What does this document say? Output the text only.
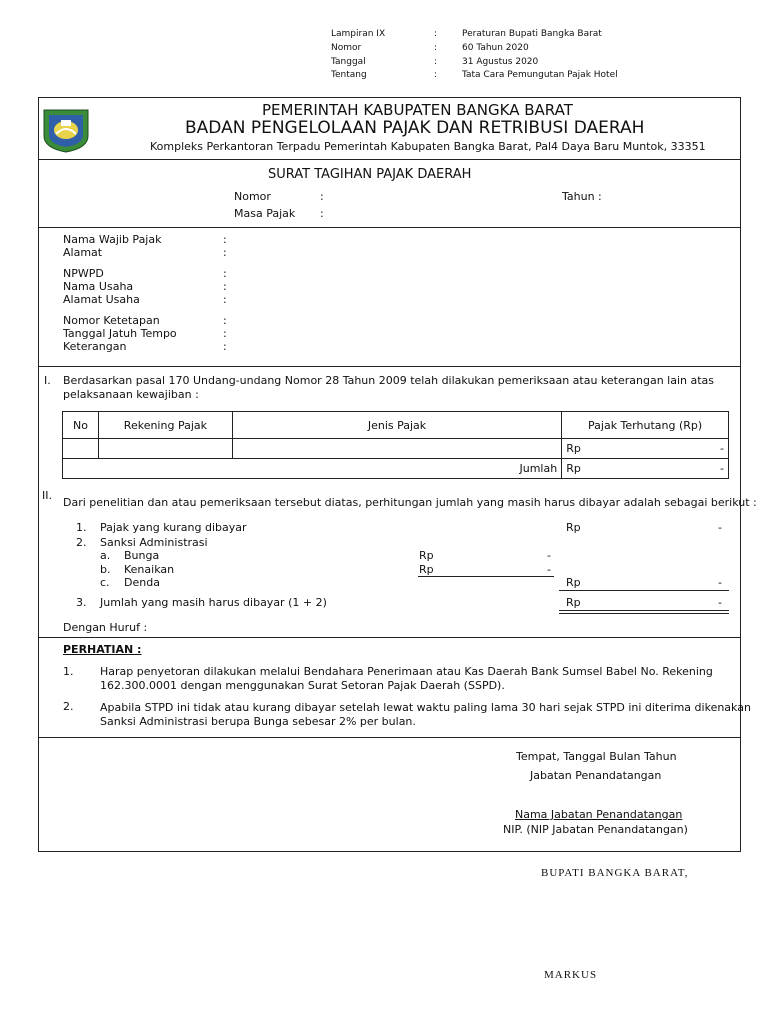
Lampiran IX	:	Peraturan Bupati Bangka Barat
Nomor	:	60 Tahun 2020
Tanggal	:	31 Agustus 2020
Tentang	:	Tata Cara Pemungutan Pajak Hotel
PEMERINTAH KABUPATEN BANGKA BARAT
BADAN PENGELOLAAN PAJAK DAN RETRIBUSI DAERAH
Kompleks Perkantoran Terpadu Pemerintah Kabupaten Bangka Barat, Pal4 Daya Baru Muntok, 33351
SURAT TAGIHAN PAJAK DAERAH
Nomor	:	Tahun :
Masa Pajak :
Nama Wajib Pajak	:
Alamat	:
NPWPD	:
Nama Usaha	:
Alamat Usaha	:
Nomor Ketetapan	:
Tanggal Jatuh Tempo	:
Keterangan	:
I. Berdasarkan pasal 170 Undang-undang Nomor 28 Tahun 2009 telah dilakukan pemeriksaan atau keterangan lain atas
pelaksanaan kewajiban :
No	Rekening Pajak	Jenis Pajak	Pajak Terhutang (Rp)
			Rp -

Jumlah			Rp -
II.
Dari penelitian dan atau pemeriksaan tersebut diatas, perhitungan jumlah yang masih harus dibayar adalah sebagai berikut :
1. Pajak yang kurang dibayar	Rp	-
2. Sanksi Administrasi
a. Bunga	Rp	-
b. Kenaikan	Rp	-
c. Denda	Rp	-
3. Jumlah yang masih harus dibayar (1 + 2)	Rp	-
Dengan Huruf :
PERHATIAN :
1. Harap penyetoran dilakukan melalui Bendahara Penerimaan atau Kas Daerah Bank Sumsel Babel No. Rekening
162.300.0001 dengan menggunakan Surat Setoran Pajak Daerah (SSPD).
2. Apabila STPD ini tidak atau kurang dibayar setelah lewat waktu paling lama 30 hari sejak STPD ini diterima dikenakan
Sanksi Administrasi berupa Bunga sebesar 2% per bulan.
Tempat, Tanggal Bulan Tahun
Jabatan Penandatangan
Nama Jabatan Penandatangan
NIP. (NIP Jabatan Penandatangan)
BUPATI BANGKA BARAT,
MARKUS
